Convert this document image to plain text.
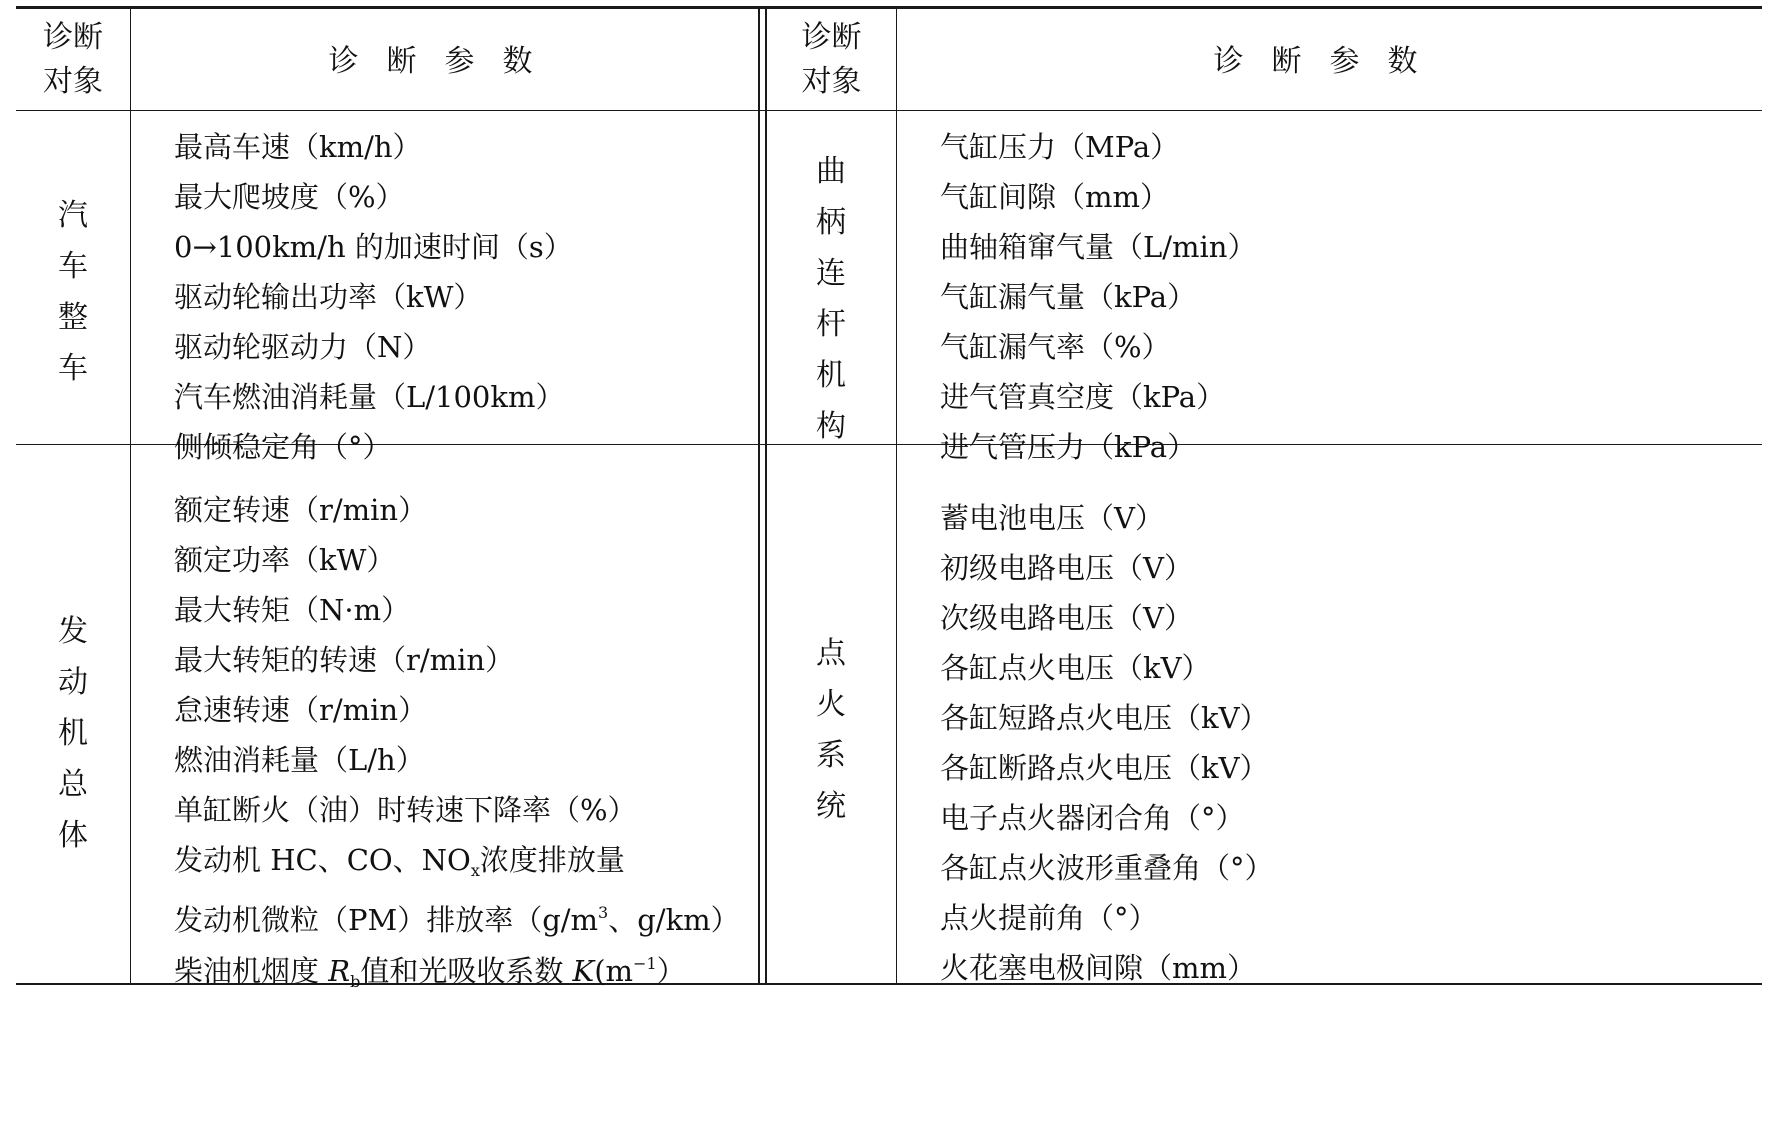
诊断
对象
诊断参数
诊断
对象
诊断参数
汽
车
整
车
最高车速（km/h）
最大爬坡度（%）
0→100km/h 的加速时间（s）
驱动轮输出功率（kW）
驱动轮驱动力（N）
汽车燃油消耗量（L/100km）
侧倾稳定角（°）
曲
柄
连
杆
机
构
气缸压力（MPa）
气缸间隙（mm）
曲轴箱窜气量（L/min）
气缸漏气量（kPa）
气缸漏气率（%）
进气管真空度（kPa）
进气管压力（kPa）
发
动
机
总
体
额定转速（r/min）
额定功率（kW）
最大转矩（N·m）
最大转矩的转速（r/min）
怠速转速（r/min）
燃油消耗量（L/h）
单缸断火（油）时转速下降率（%）
发动机 HC、CO、$NO_x$浓度排放量
发动机微粒（PM）排放率（$g/m^3$、g/km）
柴油机烟度 $R_b$值和光吸收系数 $K(m^{-1})$
点
火
系
统
蓄电池电压（V）
初级电路电压（V）
次级电路电压（V）
各缸点火电压（kV）
各缸短路点火电压（kV）
各缸断路点火电压（kV）
电子点火器闭合角（°）
各缸点火波形重叠角（°）
点火提前角（°）
火花塞电极间隙（mm）
